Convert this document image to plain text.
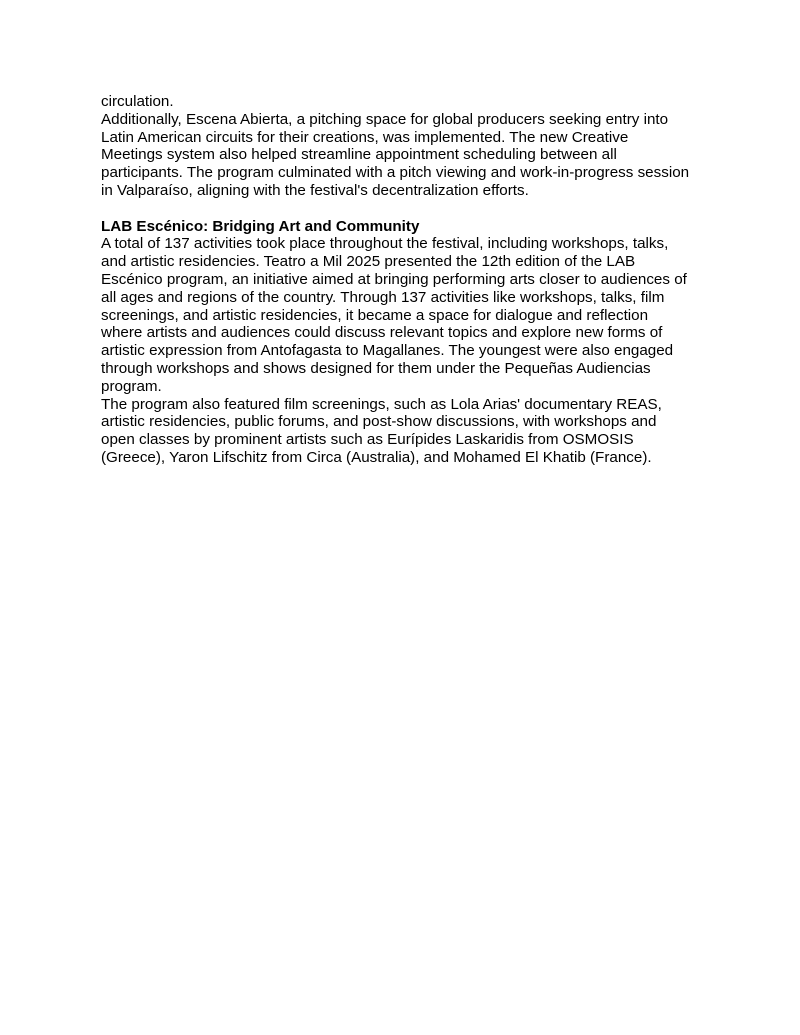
circulation.
Additionally, Escena Abierta, a pitching space for global producers seeking entry into
Latin American circuits for their creations, was implemented. The new Creative
Meetings system also helped streamline appointment scheduling between all
participants. The program culminated with a pitch viewing and work-in-progress session
in Valparaíso, aligning with the festival's decentralization efforts.
LAB Escénico: Bridging Art and Community
A total of 137 activities took place throughout the festival, including workshops, talks,
and artistic residencies. Teatro a Mil 2025 presented the 12th edition of the LAB
Escénico program, an initiative aimed at bringing performing arts closer to audiences of
all ages and regions of the country. Through 137 activities like workshops, talks, film
screenings, and artistic residencies, it became a space for dialogue and reflection
where artists and audiences could discuss relevant topics and explore new forms of
artistic expression from Antofagasta to Magallanes. The youngest were also engaged
through workshops and shows designed for them under the Pequeñas Audiencias
program.
The program also featured film screenings, such as Lola Arias' documentary REAS,
artistic residencies, public forums, and post-show discussions, with workshops and
open classes by prominent artists such as Eurípides Laskaridis from OSMOSIS
(Greece), Yaron Lifschitz from Circa (Australia), and Mohamed El Khatib (France).
